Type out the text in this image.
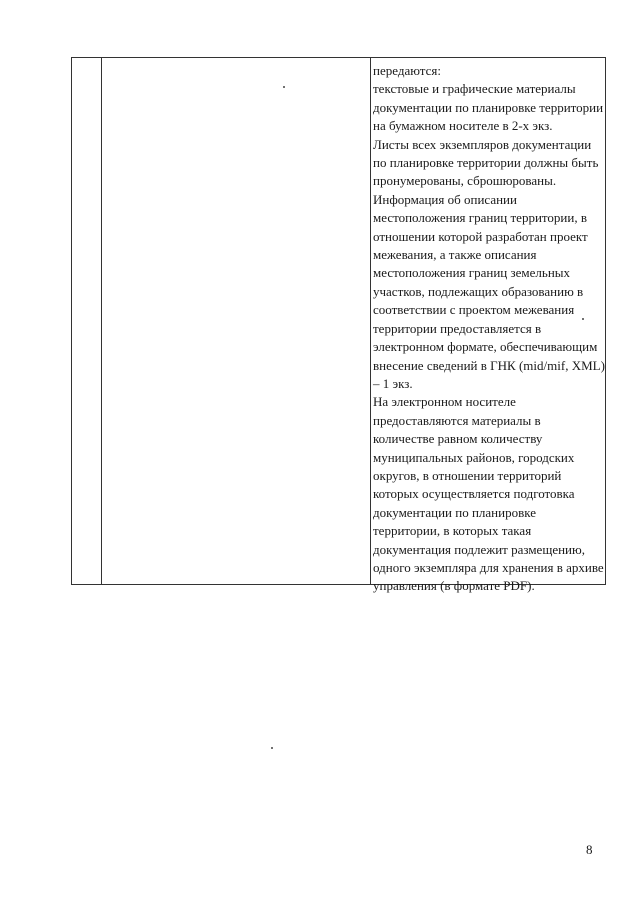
передаются:
текстовые и графические материалы
документации по планировке территории
на бумажном носителе в 2-х экз.
Листы всех экземпляров документации
по планировке территории должны быть
пронумерованы, сброшюрованы.
Информация об описании
местоположения границ территории, в
отношении которой разработан проект
межевания, а также описания
местоположения границ земельных
участков, подлежащих образованию в
соответствии с проектом межевания
территории предоставляется в
электронном формате, обеспечивающим
внесение сведений в ГНК (mid/mif, XML)
– 1 экз.
На электронном носителе
предоставляются материалы в
количестве равном количеству
муниципальных районов, городских
округов, в отношении территорий
которых осуществляется подготовка
документации по планировке
территории, в которых такая
документация подлежит размещению,
одного экземпляра для хранения в архиве
управления (в формате PDF).
8
